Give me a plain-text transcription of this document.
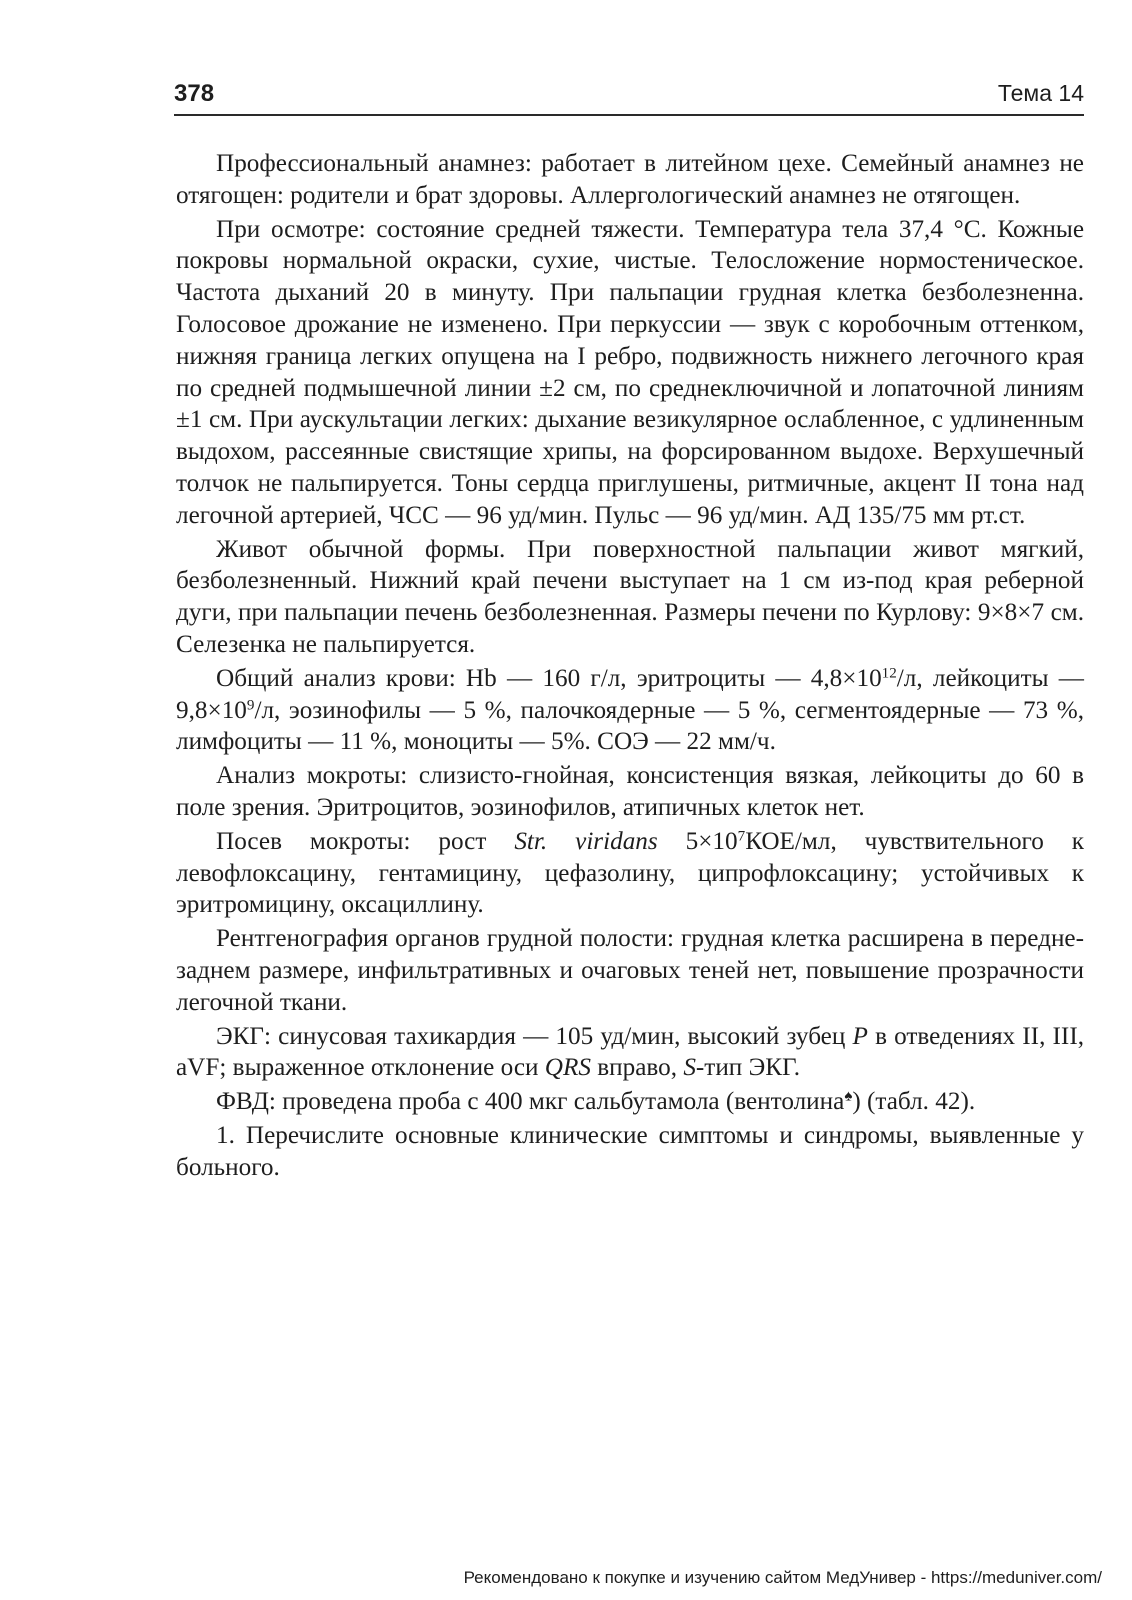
378	Тема 14

Профессиональный анамнез: работает в литейном цехе. Семейный анамнез не отягощен: родители и брат здоровы. Аллергологический анамнез не отягощен.

При осмотре: состояние средней тяжести. Температура тела 37,4 °С. Кожные покровы нормальной окраски, сухие, чистые. Телосложение нормостеническое. Частота дыханий 20 в минуту. При пальпации грудная клетка безболезненна. Голосовое дрожание не изменено. При перкуссии — звук с коробочным оттенком, нижняя граница легких опущена на I ребро, подвижность нижнего легочного края по средней подмышечной линии ±2 см, по среднеключичной и лопаточной линиям ±1 см. При аускультации легких: дыхание везикулярное ослабленное, с удлиненным выдохом, рассеянные свистящие хрипы, на форсированном выдохе. Верхушечный толчок не пальпируется. Тоны сердца приглушены, ритмичные, акцент II тона над легочной артерией, ЧСС — 96 уд/мин. Пульс — 96 уд/мин. АД 135/75 мм рт.ст.

Живот обычной формы. При поверхностной пальпации живот мягкий, безболезненный. Нижний край печени выступает на 1 см из-под края реберной дуги, при пальпации печень безболезненная. Размеры печени по Курлову: 9×8×7 см. Селезенка не пальпируется.

Общий анализ крови: Hb — 160 г/л, эритроциты — $4,8\times 10^{12}/л$, лейкоциты — $9,8\times 10^9/л$, эозинофилы — 5 %, палочкоядерные — 5 %, сегментоядерные — 73 %, лимфоциты — 11 %, моноциты — 5%. СОЭ — 22 мм/ч.

Анализ мокроты: слизисто-гнойная, консистенция вязкая, лейкоциты до 60 в поле зрения. Эритроцитов, эозинофилов, атипичных клеток нет.

Посев мокроты: рост Str. viridans $5\times 10^7КОЕ/мл$, чувствительного к левофлоксацину, гентамицину, цефазолину, ципрофлоксацину; устойчивых к эритромицину, оксациллину.

Рентгенография органов грудной полости: грудная клетка расширена в передне-заднем размере, инфильтративных и очаговых теней нет, повышение прозрачности легочной ткани.

ЭКГ: синусовая тахикардия — 105 уд/мин, высокий зубец P в отведениях II, III, aVF; выраженное отклонение оси QRS вправо, S-тип ЭКГ.

ФВД: проведена проба с 400 мкг сальбутамола (вентолина♠) (табл. 42).

1. Перечислите основные клинические симптомы и синдромы, выявленные у больного.

Рекомендовано к покупке и изучению сайтом МедУнивер - https://meduniver.com/
